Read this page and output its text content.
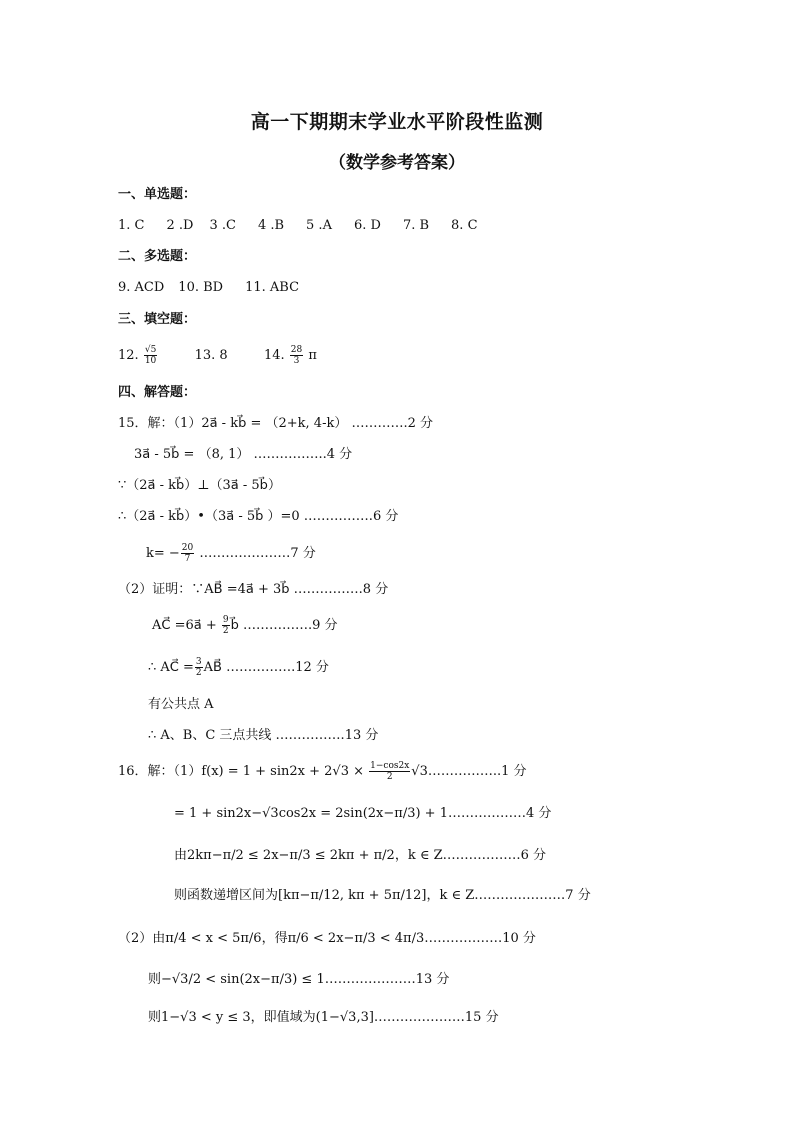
高一下期期末学业水平阶段性监测
（数学参考答案）
一、单选题：
1. C 2 .D 3 .C 4 .B 5 .A 6. D 7. B 8. C
二、多选题：
9. ACD 10. BD 11. ABC
三、填空题：
12. $\frac{√5}{10}$	13. 8	14. $\frac{28}{3}$ π
四、解答题：
15．解：（1）2a⃗ - kb⃗ = （2+k, 4-k） ………….2 分
3a⃗ - 5b⃗ = （8, 1） ……………..4 分
∵（2a⃗ - kb⃗）⊥（3a⃗ - 5b⃗）
∴（2a⃗ - kb⃗）•（3a⃗ - 5b⃗ ）=0 …………….6 分
$k= - \frac{20}{7}$ …………………7 分
（2）证明：∵AB⃗ =4a⃗ + 3b⃗ …………….8 分
AC⃗ =6a⃗ + $\frac{9}{2}$ b⃗ …………….9 分
∴ AC⃗ = $\frac{3}{2}$ AB⃗ …………….12 分
有公共点 A
∴ A、B、C 三点共线 …………….13 分
16．解：$(1)f(x) = 1 + \sin 2x + 2√3 \times \frac{1-\cos 2x}{2}$ √3……………..1 分
= 1 + sin2x−√3cos2x = 2sin(2x−π/3) + 1………………4 分
由2kπ−π/2 ≤ 2x−π/3 ≤ 2kπ + π/2，k ∈ Z………………6 分
则函数递增区间为[kπ−π/12, kπ + 5π/12]，k ∈ Z…………………7 分
（2）由π/4 < x < 5π/6，得π/6 < 2x−π/3 < 4π/3………………10 分
则−√3/2 < sin(2x−π/3) ≤ 1…………………13 分
则1−√3 < y ≤ 3，即值域为(1−√3,3]…………………15 分
